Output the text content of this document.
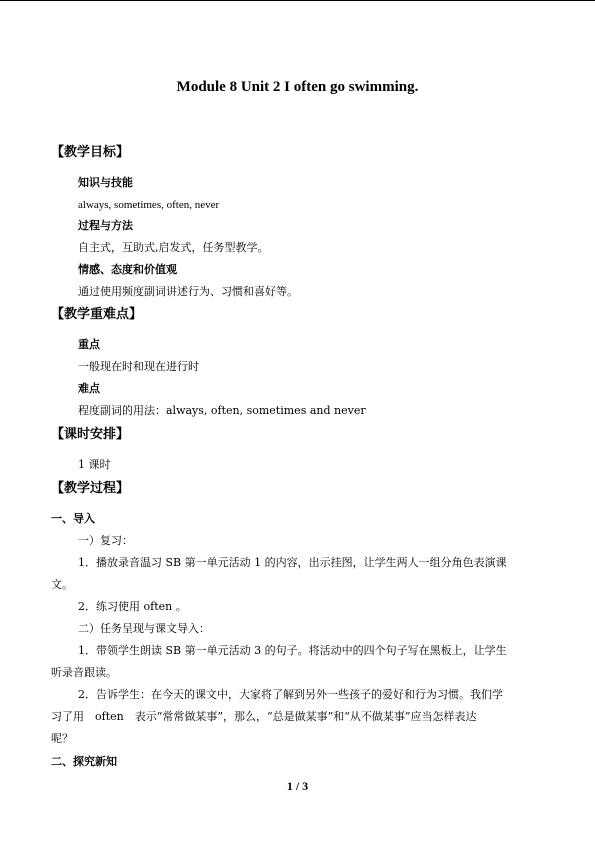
Module 8 Unit 2 I often go swimming.
【教学目标】
知识与技能
always, sometimes, often, never
过程与方法
自主式，互助式,启发式，任务型教学。
情感、态度和价值观
通过使用频度副词讲述行为、习惯和喜好等。
【教学重难点】
重点
一般现在时和现在进行时
难点
程度副词的用法：always, often, sometimes and never
【课时安排】
1 课时
【教学过程】
一、导入
一）复习：
1．播放录音温习 SB 第一单元活动 1 的内容，出示挂图，让学生两人一组分角色表演课
文。
2．练习使用 often 。
二）任务呈现与课文导入：
1．带领学生朗读 SB 第一单元活动 3 的句子。将活动中的四个句子写在黑板上，让学生
听录音跟读。
2．告诉学生：在今天的课文中，大家将了解到另外一些孩子的爱好和行为习惯。我们学
习了用　often　表示“常常做某事”，那么，“总是做某事”和“从不做某事”应当怎样表达
呢？
二、探究新知
1 / 3
